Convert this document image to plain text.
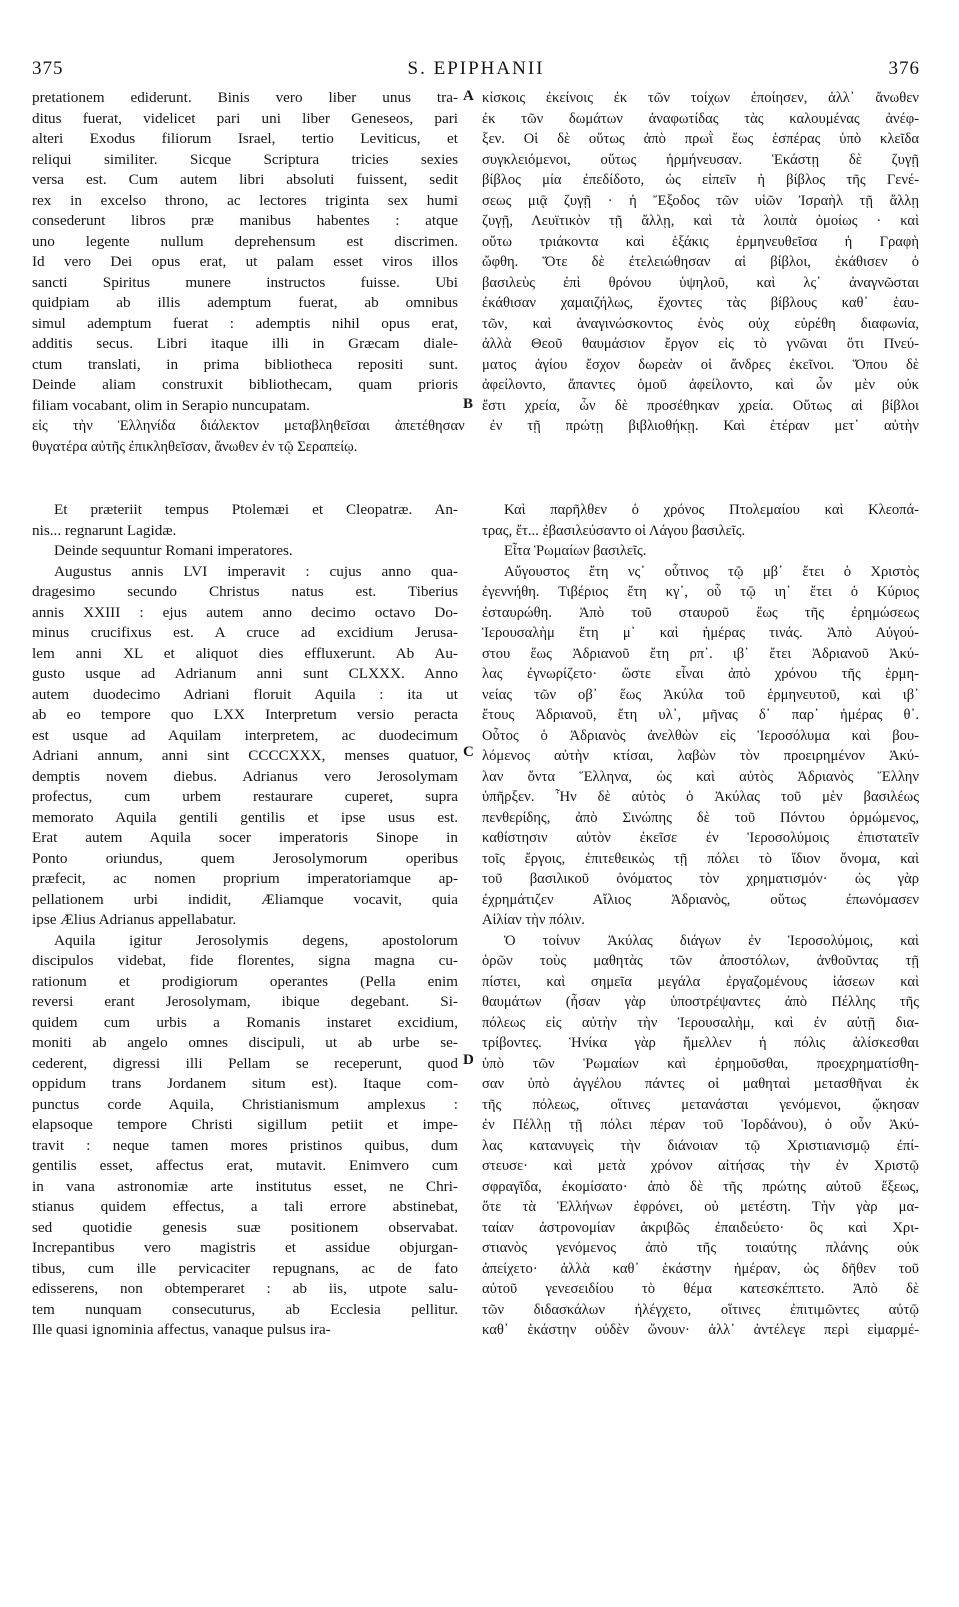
375	S. EPIPHANII	376
pretationem ediderunt. Binis vero liber unus tra-
ditus fuerat, videlicet pari uni liber Geneseos, pari
alteri Exodus filiorum Israel, tertio Leviticus, et
reliqui similiter. Sicque Scriptura tricies sexies
versa est. Cum autem libri absoluti fuissent, sedit
rex in excelso throno, ac lectores triginta sex humi
consederunt libros præ manibus habentes : atque
uno legente nullum deprehensum est discrimen.
Id vero Dei opus erat, ut palam esset viros illos
sancti Spiritus munere instructos fuisse. Ubi
quidpiam ab illis ademptum fuerat, ab omnibus
simul ademptum fuerat : ademptis nihil opus erat,
additis secus. Libri itaque illi in Græcam diale-
ctum translati, in prima bibliotheca repositi sunt.
Deinde aliam construxit bibliothecam, quam prioris
filiam vocabant, olim in Serapio nuncupatam.
κίσκοις ἐκείνοις ἐκ τῶν τοίχων ἐποίησεν, ἀλλ᾽ ἄνωθεν
ἐκ τῶν δωμάτων ἀναφωτίδας τὰς καλουμένας ἀνέφ-
ξεν. Οἱ δὲ οὕτως ἀπὸ πρωῒ ἕως ἑσπέρας ὑπὸ κλεῖδα
συγκλειόμενοι, οὕτως ἡρμήνευσαν. Ἑκάστῃ δὲ ζυγῇ
βίβλος μία ἐπεδίδοτο, ὡς εἰπεῖν ἡ βίβλος τῆς Γενέ-
σεως μιᾷ ζυγῇ · ἡ Ἔξοδος τῶν υἱῶν Ἰσραὴλ τῇ ἄλλῃ
ζυγῇ, Λευϊτικὸν τῇ ἄλλῃ, καὶ τὰ λοιπὰ ὁμοίως · καὶ
οὕτω τριάκοντα καὶ ἑξάκις ἑρμηνευθεῖσα ἡ Γραφὴ
ὤφθη. Ὅτε δὲ ἐτελειώθησαν αἱ βίβλοι, ἐκάθισεν ὁ
βασιλεὺς ἐπὶ θρόνου ὑψηλοῦ, καὶ λς᾽ ἀναγνῶσται
ἐκάθισαν χαμαιζήλως, ἔχοντες τὰς βίβλους καθ᾽ ἑαυ-
τῶν, καὶ ἀναγινώσκοντος ἑνὸς οὐχ εὑρέθη διαφωνία,
ἀλλὰ Θεοῦ θαυμάσιον ἔργον εἰς τὸ γνῶναι ὅτι Πνεύ-
ματος ἁγίου ἔσχον δωρεὰν οἱ ἄνδρες ἐκεῖνοι. Ὅπου δὲ
ἀφείλοντο, ἅπαντες ὁμοῦ ἀφείλοντο, καὶ ὧν μὲν οὐκ
ἔστι χρεία, ὧν δὲ προσέθηκαν χρεία. Οὕτως αἱ βίβλοι
εἰς τὴν Ἑλληνίδα διάλεκτον μεταβληθεῖσαι ἀπετέθησαν ἐν τῇ πρώτῃ βιβλιοθήκῃ. Καὶ ἑτέραν μετ᾽ αὐτὴν
θυγατέρα αὐτῆς ἐπικληθεῖσαν, ἄνωθεν ἐν τῷ Σεραπείῳ.
Et præteriit tempus Ptolemæi et Cleopatræ. An-
nis... regnarunt Lagidæ.
Deinde sequuntur Romani imperatores.
Augustus annis LVI imperavit : cujus anno qua-
dragesimo secundo Christus natus est. Tiberius
annis XXIII : ejus autem anno decimo octavo Do-
minus crucifixus est. A cruce ad excidium Jerusa-
lem anni XL et aliquot dies effluxerunt. Ab Au-
gusto usque ad Adrianum anni sunt CLXXX. Anno
autem duodecimo Adriani floruit Aquila : ita ut
ab eo tempore quo LXX Interpretum versio peracta
est usque ad Aquilam interpretem, ac duodecimum
Adriani annum, anni sint CCCCXXX, menses quatuor,
demptis novem diebus. Adrianus vero Jerosolymam
profectus, cum urbem restaurare cuperet, supra
memorato Aquila gentili gentilis et ipse usus est.
Erat autem Aquila socer imperatoris Sinope in
Ponto oriundus, quem Jerosolymorum operibus
præfecit, ac nomen proprium imperatoriamque ap-
pellationem urbi indidit, Æliamque vocavit, quia
ipse Ælius Adrianus appellabatur.
Aquila igitur Jerosolymis degens, apostolorum
discipulos videbat, fide florentes, signa magna cu-
rationum et prodigiorum operantes (Pella enim
reversi erant Jerosolymam, ibique degebant. Si-
quidem cum urbis a Romanis instaret excidium,
moniti ab angelo omnes discipuli, ut ab urbe se-
cederent, digressi illi Pellam se receperunt, quod
oppidum trans Jordanem situm est). Itaque com-
punctus corde Aquila, Christianismum amplexus :
elapsoque tempore Christi sigillum petiit et impe-
travit : neque tamen mores pristinos quibus, dum
gentilis esset, affectus erat, mutavit. Enimvero cum
in vana astronomiæ arte institutus esset, ne Chri-
stianus quidem effectus, a tali errore abstinebat,
sed quotidie genesis suæ positionem observabat.
Increpantibus vero magistris et assidue objurgan-
tibus, cum ille pervicaciter repugnans, ac de fato
edisserens, non obtemperaret : ab iis, utpote salu-
tem nunquam consecuturus, ab Ecclesia pellitur.
Ille quasi ignominia affectus, vanaque pulsus ira-
Καὶ παρῆλθεν ὁ χρόνος Πτολεμαίου καὶ Κλεοπά-
τρας, ἔτ... ἐβασιλεύσαντο οἱ Λάγου βασιλεῖς.
Εἶτα Ῥωμαίων βασιλεῖς.
Αὔγουστος ἔτη νς᾽ οὗτινος τῷ μβ᾽ ἔτει ὁ Χριστὸς
ἐγεννήθη. Τιβέριος ἔτη κγ᾽, οὗ τῷ ιη᾽ ἔτει ὁ Κύριος
ἐσταυρώθη. Ἀπὸ τοῦ σταυροῦ ἕως τῆς ἐρημώσεως
Ἱερουσαλὴμ ἔτη μ᾽ καὶ ἡμέρας τινάς. Ἀπὸ Αὐγού-
στου ἕως Ἀδριανοῦ ἔτη ρπ᾽. ιβ᾽ ἔτει Ἀδριανοῦ Ἀκύ-
λας ἐγνωρίζετο· ὥστε εἶναι ἀπὸ χρόνου τῆς ἑρμη-
νείας τῶν οβ᾽ ἕως Ἀκύλα τοῦ ἑρμηνευτοῦ, καὶ ιβ᾽
ἔτους Ἀδριανοῦ, ἔτη υλ᾽, μῆνας δ᾽ παρ᾽ ἡμέρας θ᾽.
Οὗτος ὁ Ἀδριανὸς ἀνελθὼν εἰς Ἱεροσόλυμα καὶ βου-
λόμενος αὐτὴν κτίσαι, λαβὼν τὸν προειρημένον Ἀκύ-
λαν ὄντα Ἕλληνα, ὡς καὶ αὐτὸς Ἀδριανὸς Ἕλλην
ὑπῆρξεν. Ἦν δὲ αὐτὸς ὁ Ἀκύλας τοῦ μὲν βασιλέως
πενθερίδης, ἀπὸ Σινώπης δὲ τοῦ Πόντου ὁρμώμενος,
καθίστησιν αὐτὸν ἐκεῖσε ἐν Ἱεροσολύμοις ἐπιστατεῖν
τοῖς ἔργοις, ἐπιτεθεικὼς τῇ πόλει τὸ ἴδιον ὄνομα, καὶ
τοῦ βασιλικοῦ ὀνόματος τὸν χρηματισμόν· ὡς γὰρ
ἐχρημάτιζεν Αἴλιος Ἀδριανὸς, οὕτως ἐπωνόμασεν
Αἰλίαν τὴν πόλιν.
Ὁ τοίνυν Ἀκύλας διάγων ἐν Ἱεροσολύμοις, καὶ
ὁρῶν τοὺς μαθητὰς τῶν ἀποστόλων, ἀνθοῦντας τῇ
πίστει, καὶ σημεῖα μεγάλα ἐργαζομένους ἰάσεων καὶ
θαυμάτων (ἦσαν γὰρ ὑποστρέψαντες ἀπὸ Πέλλης τῆς
πόλεως εἰς αὐτὴν τὴν Ἱερουσαλὴμ, καὶ ἐν αὐτῇ δια-
τρίβοντες. Ἡνίκα γὰρ ἤμελλεν ἡ πόλις ἁλίσκεσθαι
ὑπὸ τῶν Ῥωμαίων καὶ ἐρημοῦσθαι, προεχρηματίσθη-
σαν ὑπὸ ἀγγέλου πάντες οἱ μαθηταὶ μετασθῆναι ἐκ
τῆς πόλεως, οἵτινες μετανάσται γενόμενοι, ᾤκησαν
ἐν Πέλλῃ τῇ πόλει πέραν τοῦ Ἰορδάνου), ὁ οὖν Ἀκύ-
λας κατανυγεὶς τὴν διάνοιαν τῷ Χριστιανισμῷ ἐπί-
στευσε· καὶ μετὰ χρόνον αἰτήσας τὴν ἐν Χριστῷ
σφραγῖδα, ἐκομίσατο· ἀπὸ δὲ τῆς πρώτης αὐτοῦ ἕξεως,
ὅτε τὰ Ἑλλήνων ἐφρόνει, οὐ μετέστη. Τὴν γὰρ μα-
ταίαν ἀστρονομίαν ἀκριβῶς ἐπαιδεύετο· ὃς καὶ Χρι-
στιανὸς γενόμενος ἀπὸ τῆς τοιαύτης πλάνης οὐκ
ἀπείχετο· ἀλλὰ καθ᾽ ἑκάστην ἡμέραν, ὡς δῆθεν τοῦ
αὐτοῦ γενεσειδίου τὸ θέμα κατεσκέπτετο. Ἀπὸ δὲ
τῶν διδασκάλων ἠλέγχετο, οἵτινες ἐπιτιμῶντες αὐτῷ
καθ᾽ ἑκάστην οὐδὲν ὤνουν· ἀλλ᾽ ἀντέλεγε περὶ εἱμαρμέ-
A
B
C
D
